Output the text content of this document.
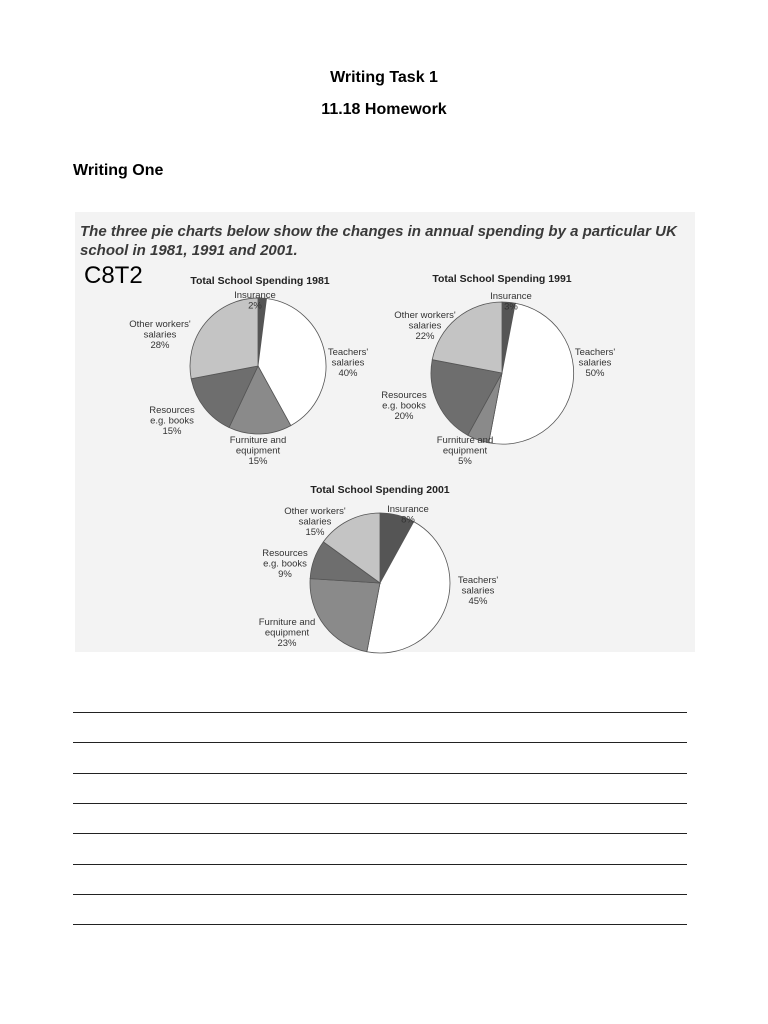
Writing Task 1
11.18 Homework
Writing One
The three pie charts below show the changes in annual spending by a particular UK school in 1981, 1991 and 2001.
C8T2	Total School Spending 1981
Insurance 2%
Teachers' salaries 40%
Furniture and equipment 15%
Resources e.g. books 15%
Other workers' salaries 28%
Total School Spending 1991
Insurance 3%
Teachers' salaries 50%
Furniture and equipment 5%
Resources e.g. books 20%
Other workers' salaries 22%
Total School Spending 2001
Insurance 8%
Teachers' salaries 45%
Furniture and equipment 23%
Resources e.g. books 9%
Other workers' salaries 15%
